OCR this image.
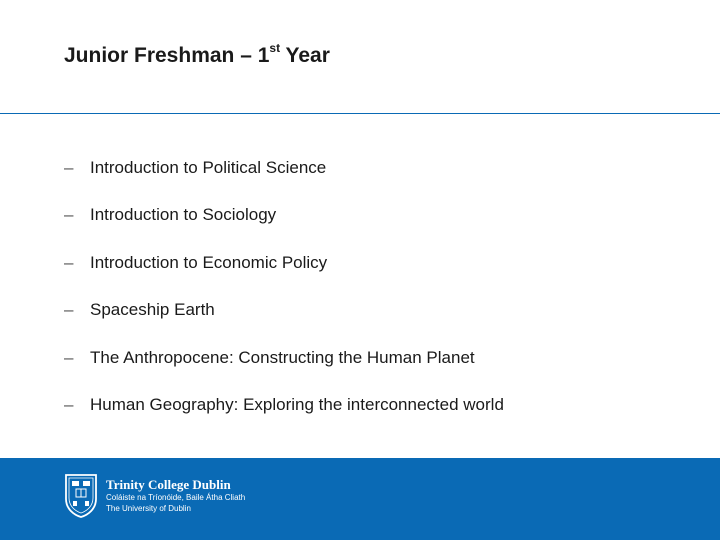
Junior Freshman – 1st Year
– Introduction to Political Science
– Introduction to Sociology
– Introduction to Economic Policy
– Spaceship Earth
– The Anthropocene: Constructing the Human Planet
– Human Geography: Exploring the interconnected world
Trinity College Dublin
Coláiste na Tríonóide, Baile Átha Cliath
The University of Dublin
